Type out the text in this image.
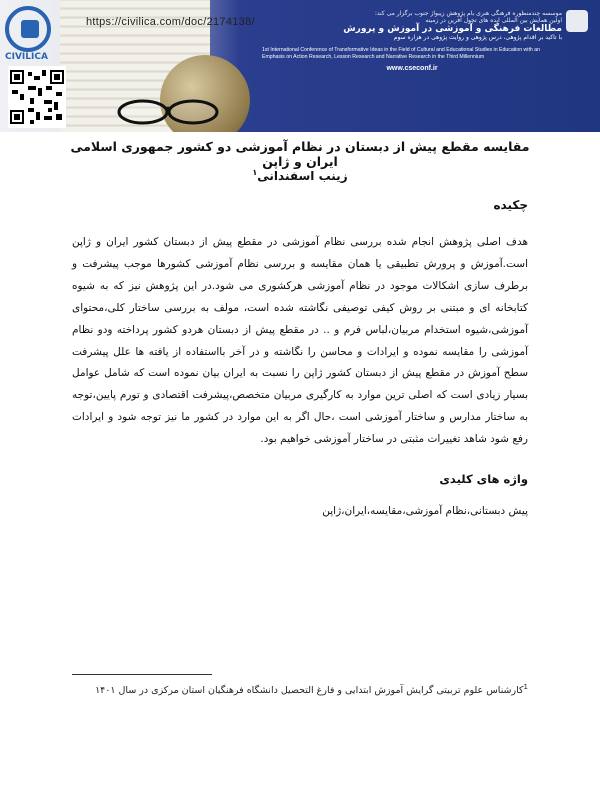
CIVILICA
https://civilica.com/doc/2174138/
موسسه چندمنظوره فرهنگی هنری بام پژوهش زیبواژ جنوب برگزار می کند:
اولین همایش بین المللی ایده های تحول آفرین در زمینه
مطالعات فرهنگی و آموزشی در آموزش و پرورش
با تاکید بر اقدام پژوهی، درس پژوهی و روایت پژوهی در هزاره سوم
1st International Conference of Transformative Ideas in the Field of Cultural and Educational Studies in Education with an Emphasis on Action Research, Lesson Research and Narrative Research in the Third Millennium
www.cseconf.ir
مقایسه مقطع پیش از دبستان در نظام آموزشی دو کشور جمهوری اسلامی ایران و ژاپن
زینب اسفندانی$^۱$
چکیده
هدف اصلی پژوهش انجام شده بررسی نظام آموزشی در مقطع پیش از دبستان کشور ایران و ژاپن است.آموزش و پرورش تطبیقی یا همان مقایسه و بررسی نظام آموزشی کشورها موجب پیشرفت و برطرف سازی اشکالات موجود در نظام آموزشی هرکشوری می شود.در این پژوهش نیز که به شیوه کتابخانه ای و مبتنی بر روش کیفی توصیفی نگاشته شده است، مولف به بررسی ساختار کلی،محتوای آموزشی،شیوه استخدام مربیان،لباس فرم و .. در مقطع پیش از دبستان هردو کشور پرداخته ودو نظام آموزشی را مقایسه نموده و ایرادات و محاسن را نگاشته و در آخر بااستفاده از یافته ها علل پیشرفت سطح آموزش در مقطع پیش از دبستان کشور ژاپن را نسبت به ایران بیان نموده است که شامل عوامل بسیار زیادی است که اصلی ترین موارد به کارگیری مربیان متخصص،پیشرفت اقتصادی و تورم پایین،توجه به ساختار مدارس و ساختار آموزشی است ،حال اگر به این موارد در کشور ما نیز توجه شود و ایرادات رفع شود شاهد تغییرات مثبتی در ساختار آموزشی خواهیم بود.
واژه های کلیدی
پیش دبستانی،نظام آموزشی،مقایسه،ایران،ژاپن
$^1$کارشناس علوم تربیتی گرایش آموزش ابتدایی و فارغ التحصیل دانشگاه فرهنگیان استان مرکزی در سال ۱۴۰۱
